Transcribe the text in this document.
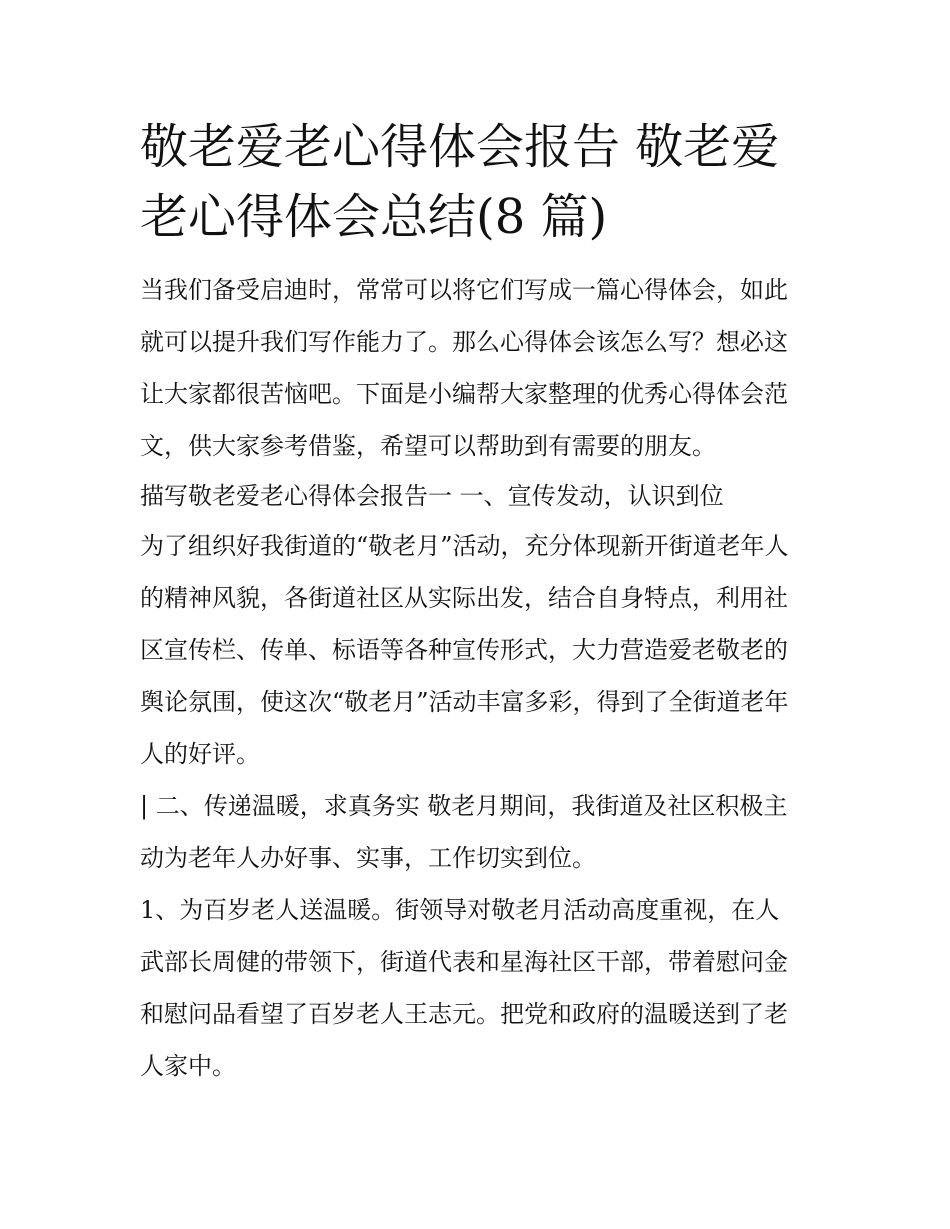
敬老爱老心得体会报告 敬老爱
老心得体会总结(8 篇)

当我们备受启迪时，常常可以将它们写成一篇心得体会，如此
就可以提升我们写作能力了。那么心得体会该怎么写？想必这
让大家都很苦恼吧。下面是小编帮大家整理的优秀心得体会范
文，供大家参考借鉴，希望可以帮助到有需要的朋友。

描写敬老爱老心得体会报告一 一、宣传发动，认识到位

为了组织好我街道的“敬老月”活动，充分体现新开街道老年人
的精神风貌，各街道社区从实际出发，结合自身特点，利用社
区宣传栏、传单、标语等各种宣传形式，大力营造爱老敬老的
舆论氛围，使这次“敬老月”活动丰富多彩，得到了全街道老年
人的好评。

| 二、传递温暖，求真务实 敬老月期间，我街道及社区积极主
动为老年人办好事、实事，工作切实到位。

1、为百岁老人送温暖。街领导对敬老月活动高度重视，在人
武部长周健的带领下，街道代表和星海社区干部，带着慰问金
和慰问品看望了百岁老人王志元。把党和政府的温暖送到了老
人家中。
